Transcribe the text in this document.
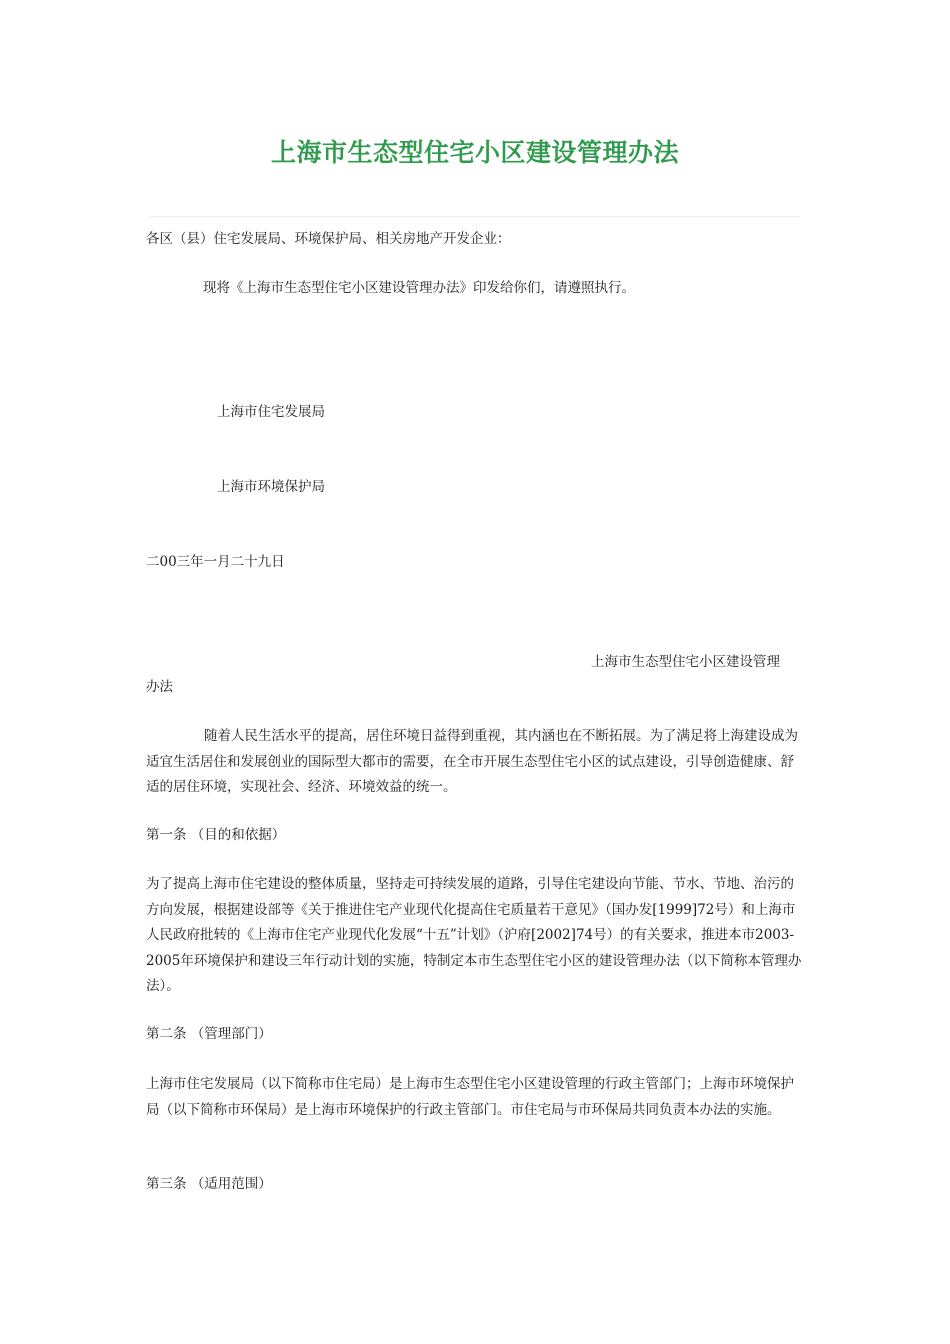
上海市生态型住宅小区建设管理办法
各区（县）住宅发展局、环境保护局、相关房地产开发企业：
现将《上海市生态型住宅小区建设管理办法》印发给你们，请遵照执行。
上海市住宅发展局
上海市环境保护局
二00三年一月二十九日
上海市生态型住宅小区建设管理
办法
随着人民生活水平的提高，居住环境日益得到重视，其内涵也在不断拓展。为了满足将上海建设成为适宜生活居住和发展创业的国际型大都市的需要，在全市开展生态型住宅小区的试点建设，引导创造健康、舒适的居住环境，实现社会、经济、环境效益的统一。
第一条 （目的和依据）
为了提高上海市住宅建设的整体质量，坚持走可持续发展的道路，引导住宅建设向节能、节水、节地、治污的方向发展，根据建设部等《关于推进住宅产业现代化提高住宅质量若干意见》（国办发[1999]72号）和上海市人民政府批转的《上海市住宅产业现代化发展“十五”计划》（沪府[2002]74号）的有关要求，推进本市2003-2005年环境保护和建设三年行动计划的实施，特制定本市生态型住宅小区的建设管理办法（以下简称本管理办法）。
第二条 （管理部门）
上海市住宅发展局（以下简称市住宅局）是上海市生态型住宅小区建设管理的行政主管部门；上海市环境保护局（以下简称市环保局）是上海市环境保护的行政主管部门。市住宅局与市环保局共同负责本办法的实施。
第三条 （适用范围）
